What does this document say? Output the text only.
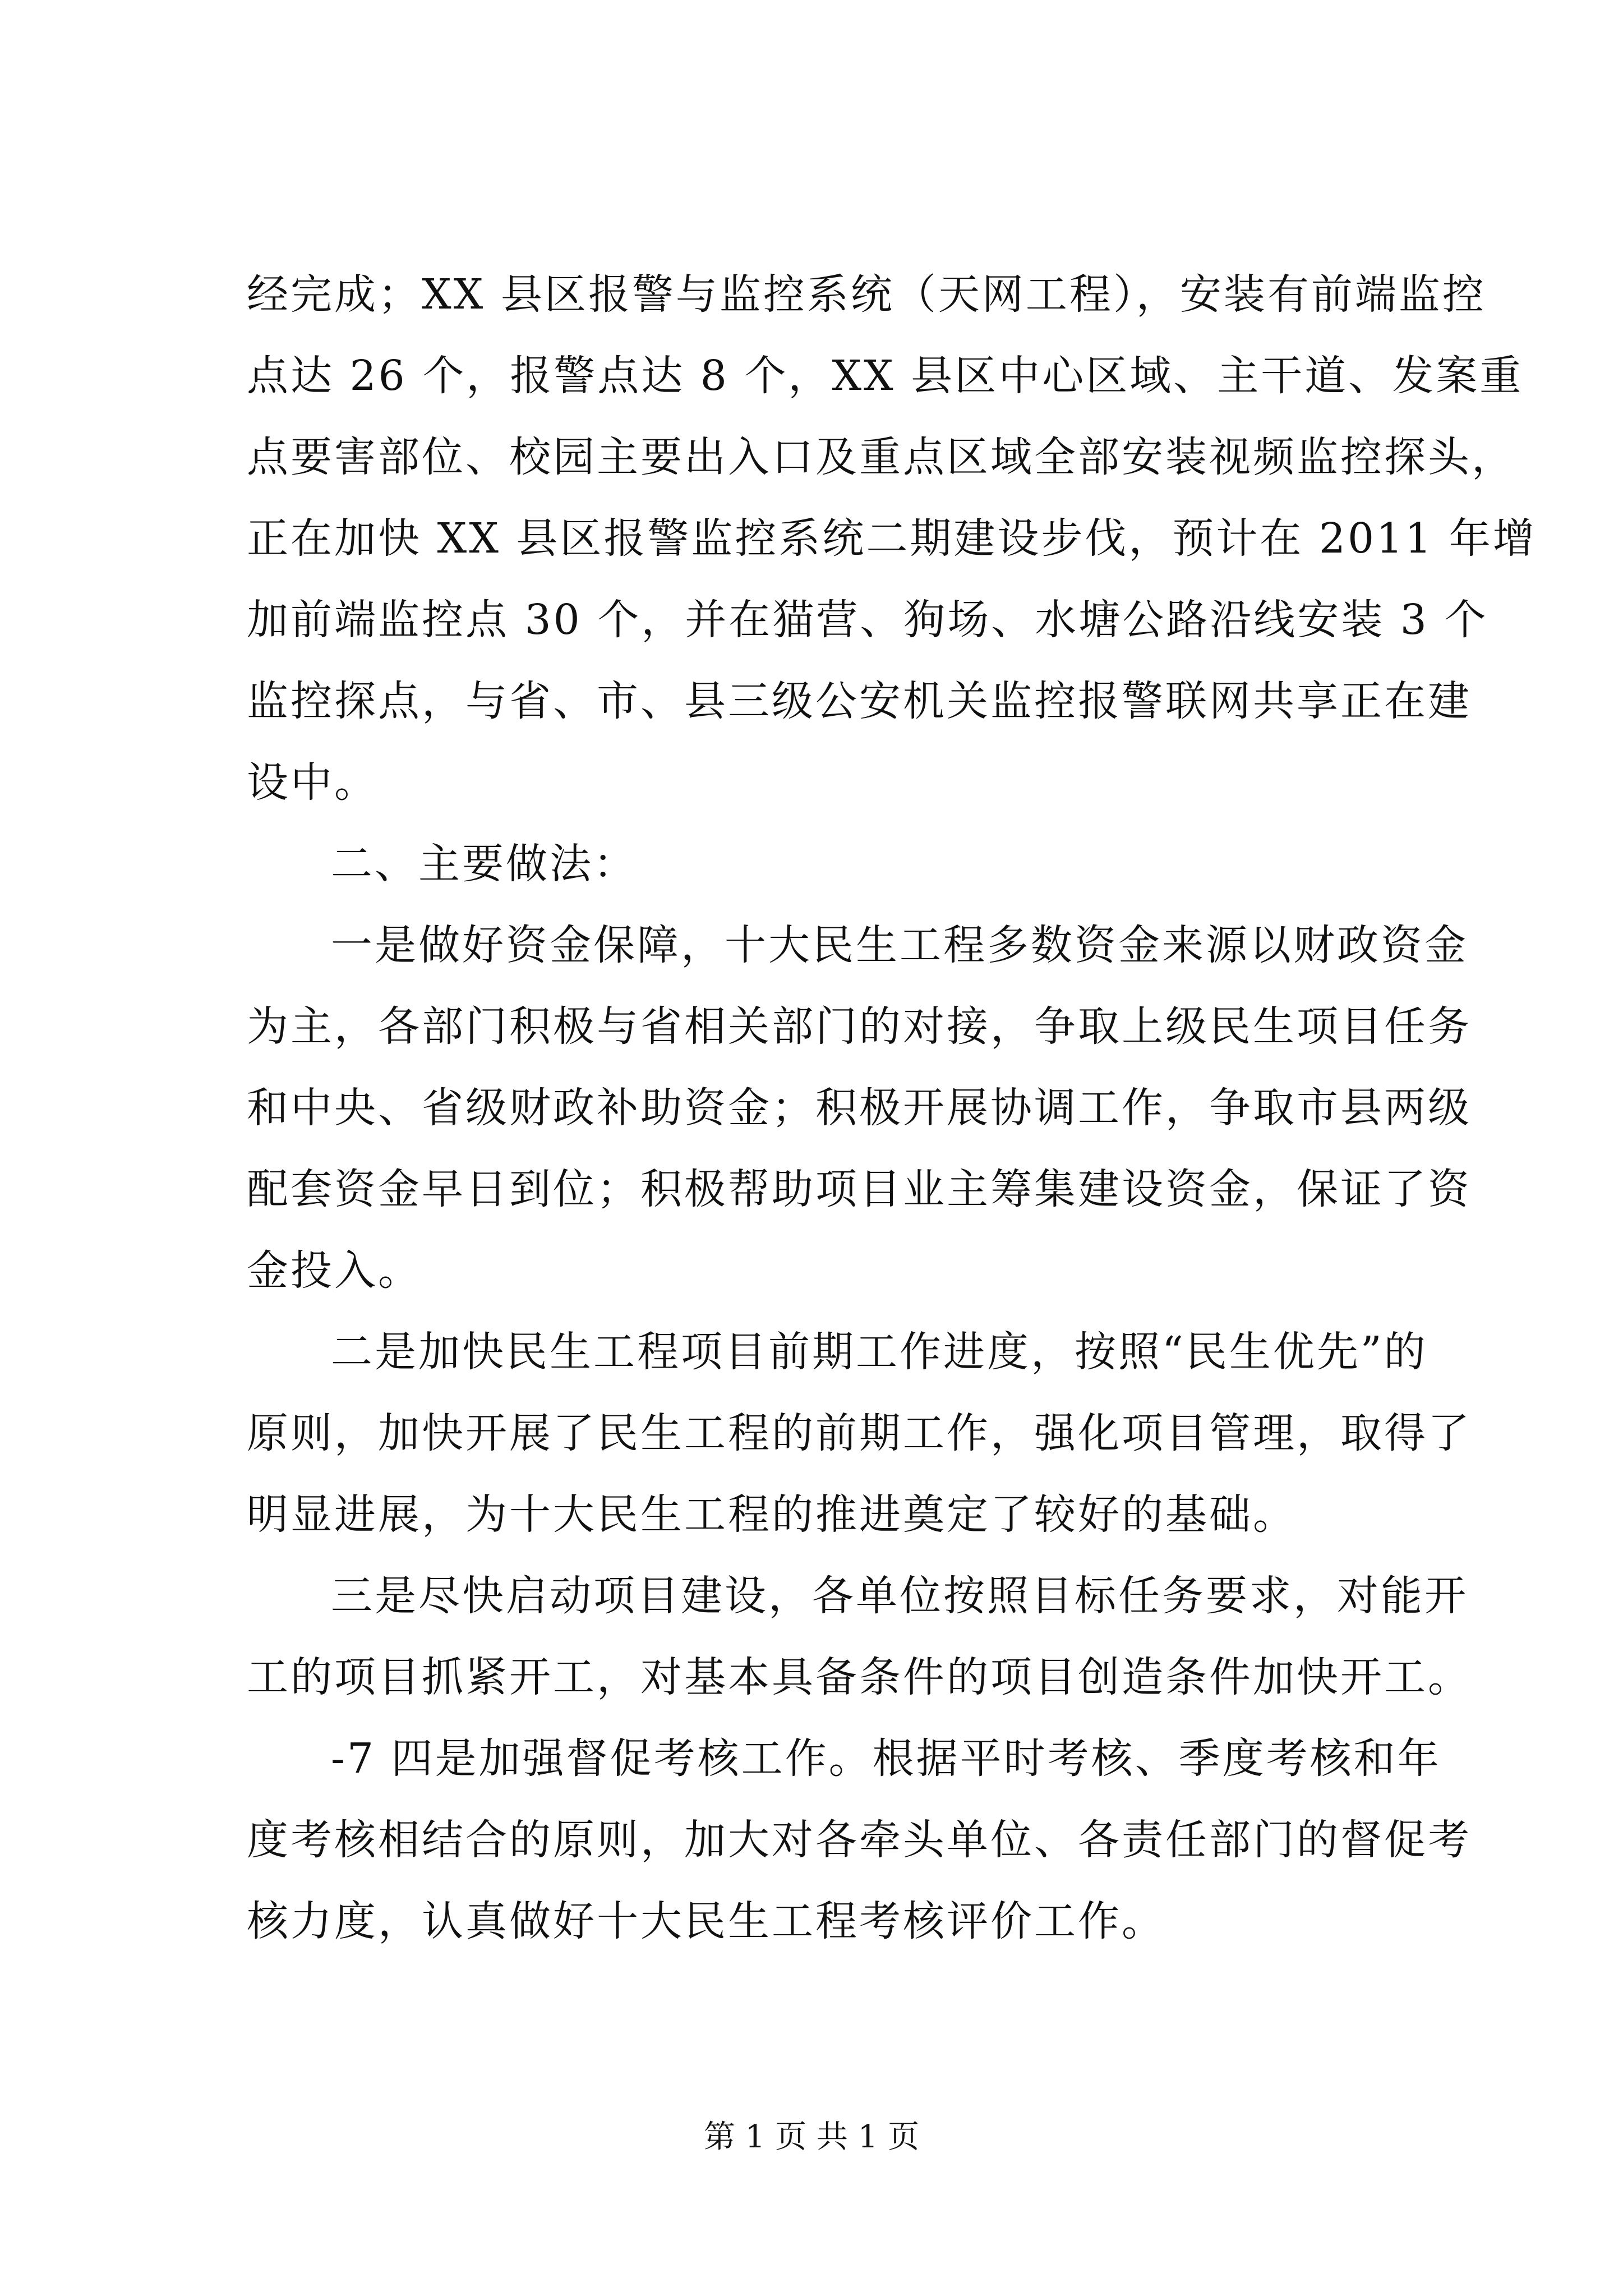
经完成；XX 县区报警与监控系统（天网工程），安装有前端监控
点达 26 个，报警点达 8 个，XX 县区中心区域、主干道、发案重
点要害部位、校园主要出入口及重点区域全部安装视频监控探头，
正在加快 XX 县区报警监控系统二期建设步伐，预计在 2011 年增
加前端监控点 30 个，并在猫营、狗场、水塘公路沿线安装 3 个
监控探点，与省、市、县三级公安机关监控报警联网共享正在建
设中。
二、主要做法：
一是做好资金保障，十大民生工程多数资金来源以财政资金
为主，各部门积极与省相关部门的对接，争取上级民生项目任务
和中央、省级财政补助资金；积极开展协调工作，争取市县两级
配套资金早日到位；积极帮助项目业主筹集建设资金，保证了资
金投入。
二是加快民生工程项目前期工作进度，按照“民生优先”的
原则，加快开展了民生工程的前期工作，强化项目管理，取得了
明显进展，为十大民生工程的推进奠定了较好的基础。
三是尽快启动项目建设，各单位按照目标任务要求，对能开
工的项目抓紧开工，对基本具备条件的项目创造条件加快开工。
-7 四是加强督促考核工作。根据平时考核、季度考核和年
度考核相结合的原则，加大对各牵头单位、各责任部门的督促考
核力度，认真做好十大民生工程考核评价工作。
第 1 页 共 1 页
